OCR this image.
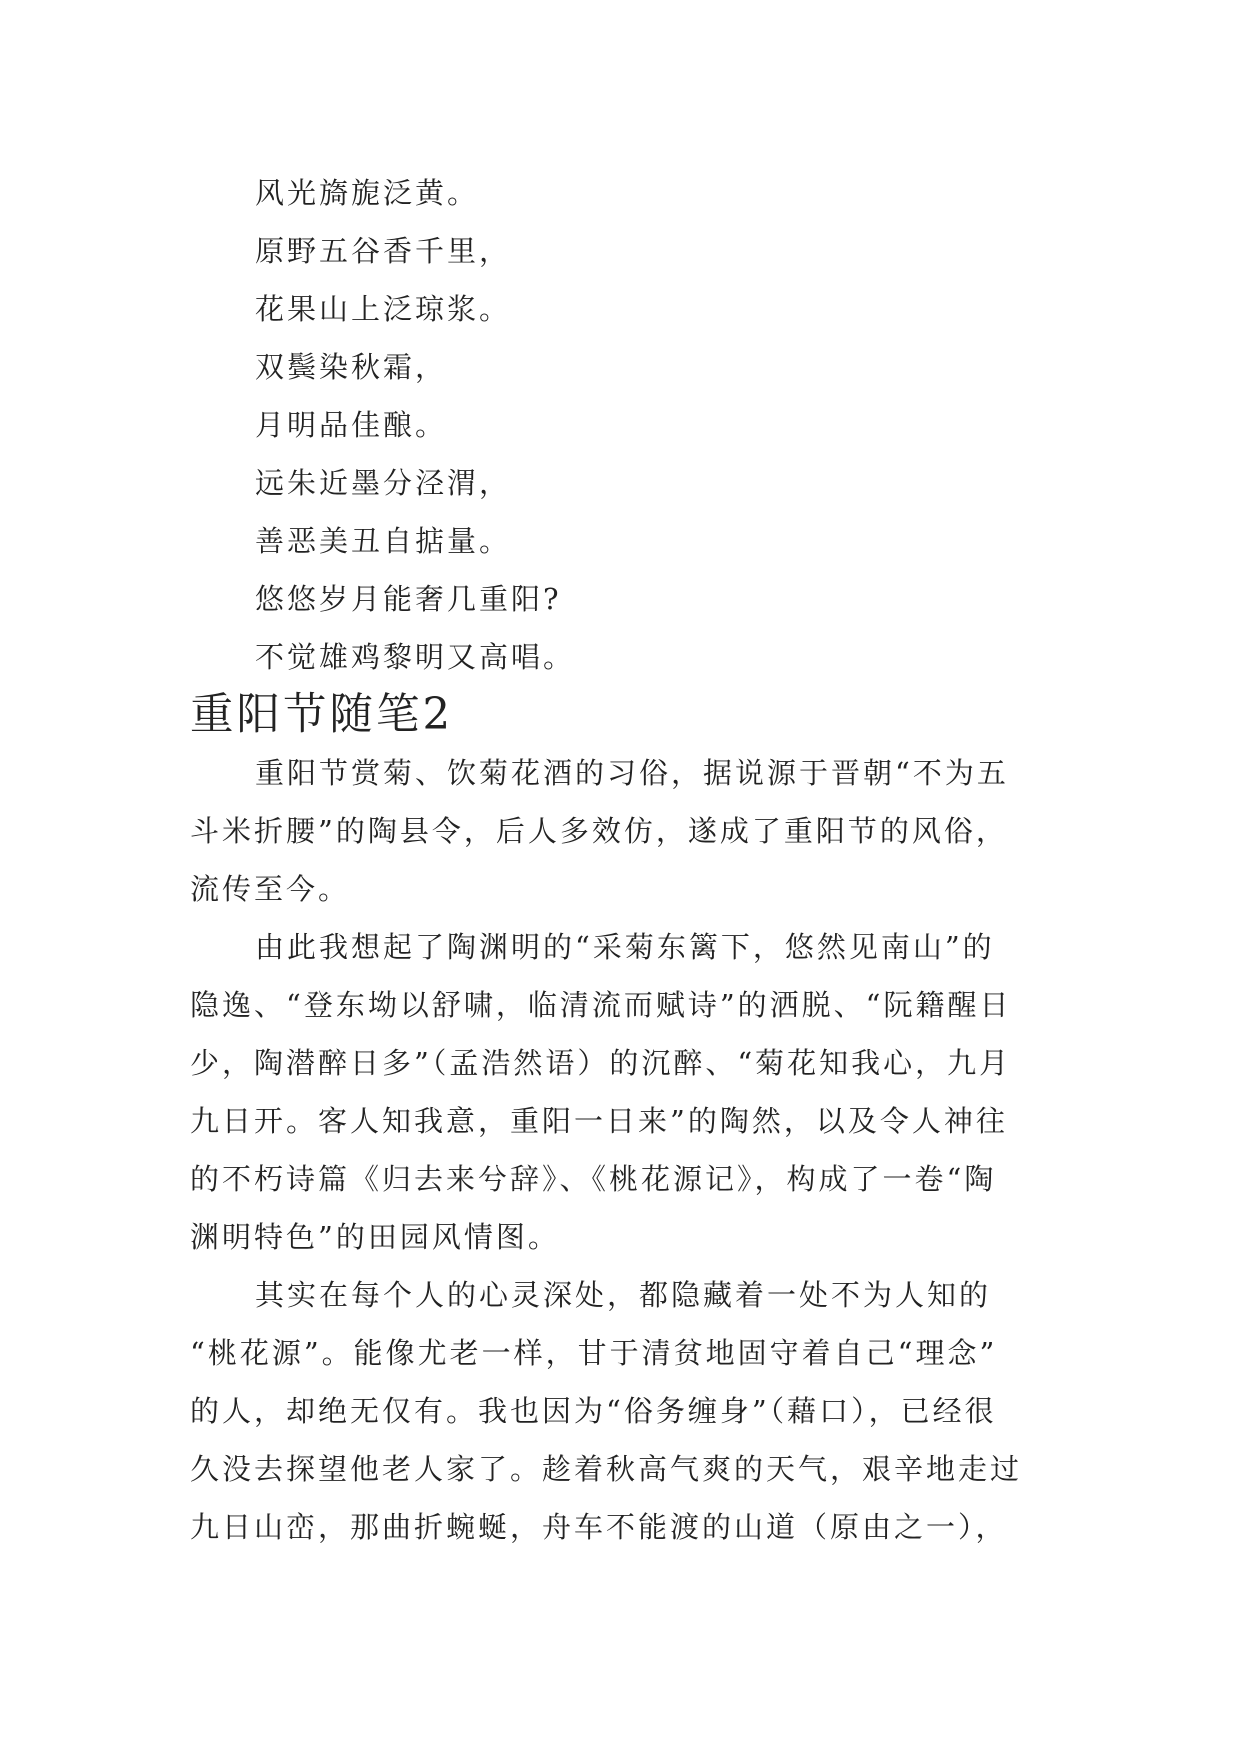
风光旖旎泛黄。

原野五谷香千里，

花果山上泛琼浆。

双鬓染秋霜，

月明品佳酿。

远朱近墨分泾渭，

善恶美丑自掂量。

悠悠岁月能奢几重阳?

不觉雄鸡黎明又高唱。

重阳节随笔2
重阳节赏菊、饮菊花酒的习俗，据说源于晋朝“不为五
斗米折腰”的陶县令，后人多效仿，遂成了重阳节的风俗，
流传至今。
由此我想起了陶渊明的“采菊东篱下，悠然见南山”的
隐逸、“登东坳以舒啸，临清流而赋诗”的洒脱、“阮籍醒日
少，陶潜醉日多”（孟浩然语）的沉醉、“菊花知我心，九月
九日开。客人知我意，重阳一日来”的陶然，以及令人神往
的不朽诗篇《归去来兮辞》、《桃花源记》，构成了一卷“陶
渊明特色”的田园风情图。
其实在每个人的心灵深处，都隐藏着一处不为人知的
“桃花源”。能像尤老一样，甘于清贫地固守着自己“理念”
的人，却绝无仅有。我也因为“俗务缠身”（藉口），已经很
久没去探望他老人家了。趁着秋高气爽的天气，艰辛地走过
九日山峦，那曲折蜿蜒，舟车不能渡的山道（原由之一），
